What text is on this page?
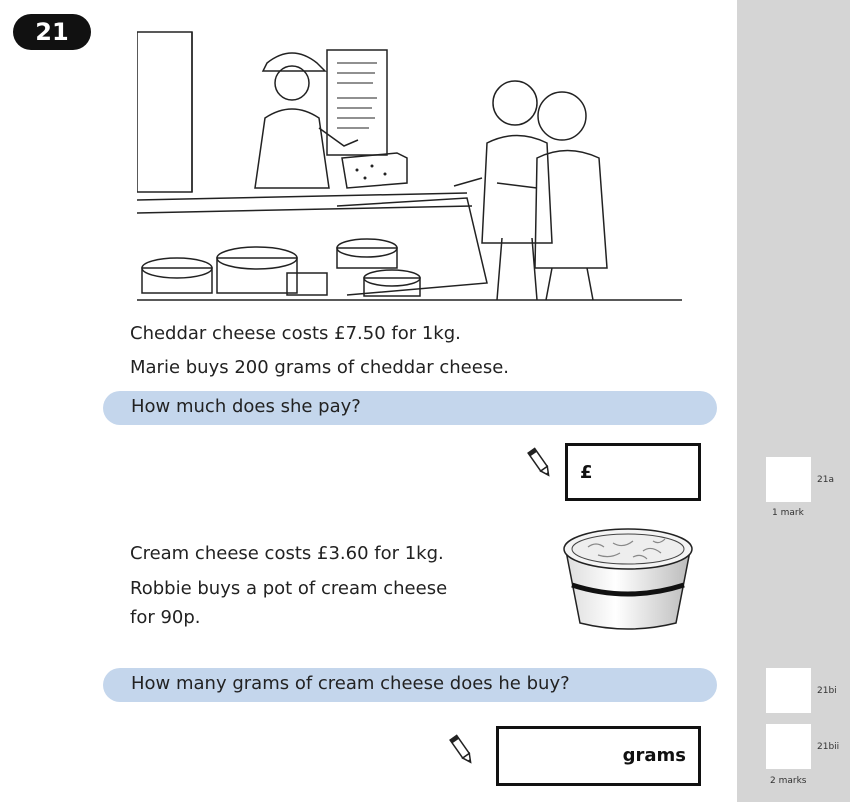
21
Cheddar cheese costs £7.50 for 1kg.
Marie buys 200 grams of cheddar cheese.
How much does she pay?
£
Cream cheese costs £3.60 for 1kg.
Robbie buys a pot of cream cheese
for 90p.
How many grams of cream cheese does he buy?
grams
21a
1 mark
21bi
21bii
2 marks
